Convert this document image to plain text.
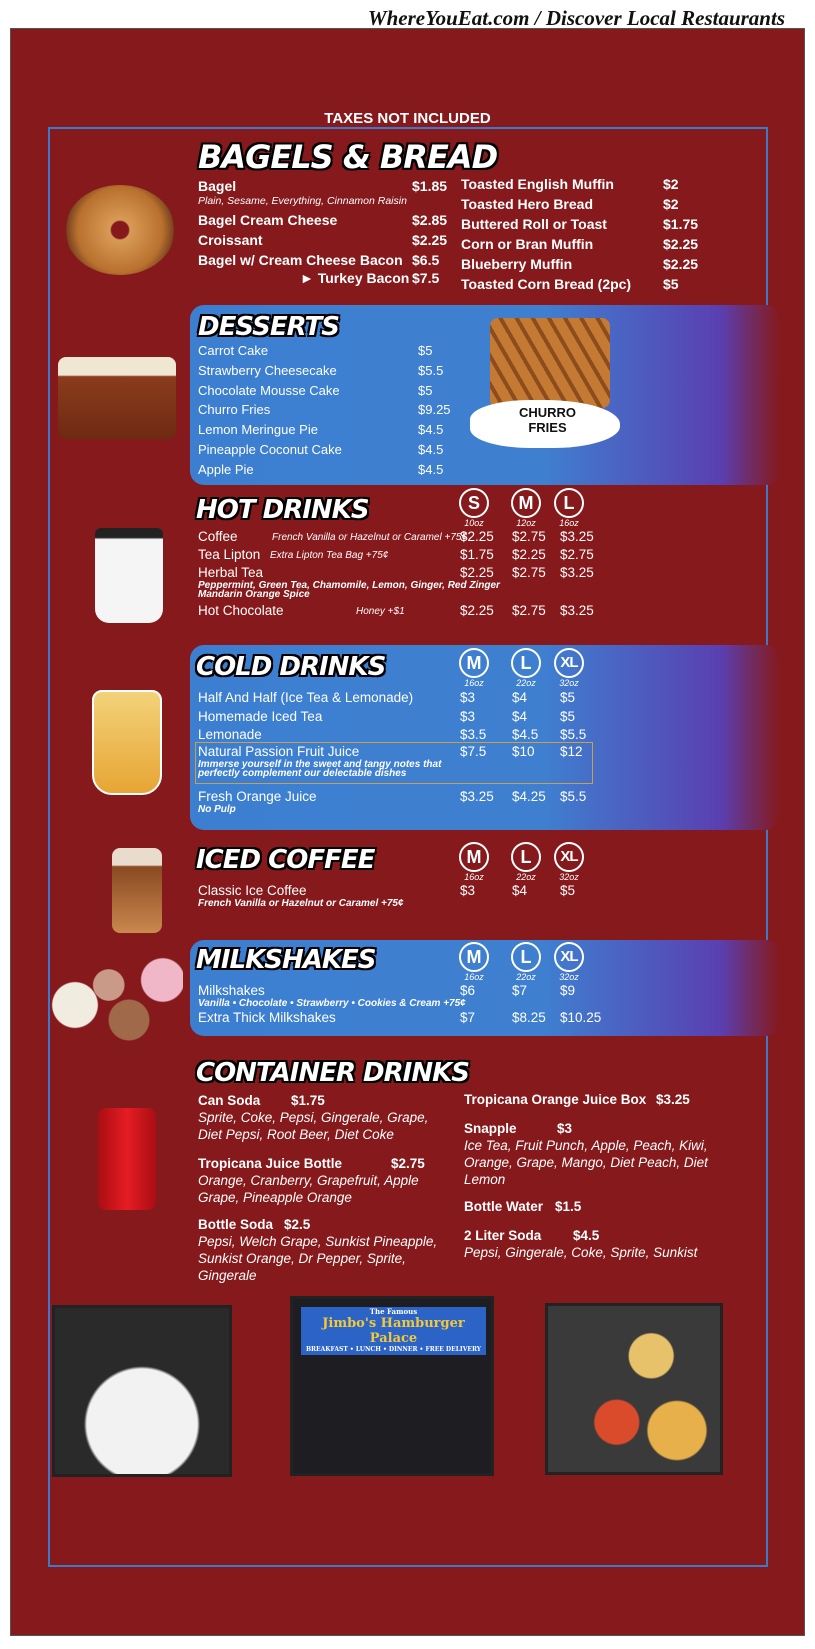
WhereYouEat.com / Discover Local Restaurants
TAXES NOT INCLUDED
BAGELS & BREAD
DESSERTS
CHURRO FRIES
HOT DRINKS
COLD DRINKS
ICED COFFEE
MILKSHAKES
CONTAINER DRINKS
The Famous
Jimbo's Hamburger Palace
BREAKFAST • LUNCH • DINNER • FREE DELIVERY
Bagel	$1.85
Plain, Sesame, Everything, Cinnamon Raisin
Bagel Cream Cheese	$2.85
Croissant	$2.25
Bagel w/ Cream Cheese Bacon $6.5
► Turkey Bacon $7.5
Toasted English Muffin	$2
Toasted Hero Bread	$2
Buttered Roll or Toast	$1.75
Corn or Bran Muffin	$2.25
Blueberry Muffin	$2.25
Toasted Corn Bread (2pc) $5
Carrot Cake	$5
Strawberry Cheesecake	$5.5
Chocolate Mousse Cake	$5
Churro Fries	$9.25
Lemon Meringue Pie	$4.5
Pineapple Coconut Cake	$4.5
Apple Pie	$4.5
S
10oz
M
12oz
L
16oz
Coffee	French Vanilla or Hazelnut or Caramel +75¢
$2.25 $2.75 $3.25
Tea Lipton Extra Lipton Tea Bag +75¢	$1.75 $2.25 $2.75
Herbal Tea
Peppermint, Green Tea, Chamomile, Lemon, Ginger, Red Zinger
Mandarin Orange Spice
$2.25 $2.75 $3.25
Hot Chocolate	Honey +$1	$2.25 $2.75 $3.25
M
16oz
L
22oz
XL
32oz
Half And Half (Ice Tea & Lemonade)	$3	$4 $5
Homemade Iced Tea	$3	$4 $5
Lemonade	$3.5 $4.5 $5.5
Natural Passion Fruit Juice
Immerse yourself in the sweet and tangy notes that
perfectly complement our delectable dishes
$7.5 $10 $12
Fresh Orange Juice
No Pulp
$3.25 $4.25 $5.5
M
16oz
L
22oz
XL
32oz
Classic Ice Coffee
French Vanilla or Hazelnut or Caramel +75¢
$3	$4 $5
M
16oz
L
22oz
XL
32oz
Milkshakes
Vanilla • Chocolate • Strawberry • Cookies & Cream +75¢
$6	$7 $9
Extra Thick Milkshakes	$7	$8.25 $10.25
Can Soda $1.75
Sprite, Coke, Pepsi, Gingerale, Grape, Diet Pepsi, Root Beer, Diet Coke
Tropicana Juice Bottle	$2.75
Orange, Cranberry, Grapefruit, Apple Grape, Pineapple Orange
Bottle Soda $2.5
Pepsi, Welch Grape, Sunkist Pineapple, Sunkist Orange, Dr Pepper, Sprite, Gingerale
Tropicana Orange Juice Box $3.25
Snapple	$3
Ice Tea, Fruit Punch, Apple, Peach, Kiwi, Orange, Grape, Mango, Diet Peach, Diet Lemon
Bottle Water $1.5
2 Liter Soda $4.5
Pepsi, Gingerale, Coke, Sprite, Sunkist
